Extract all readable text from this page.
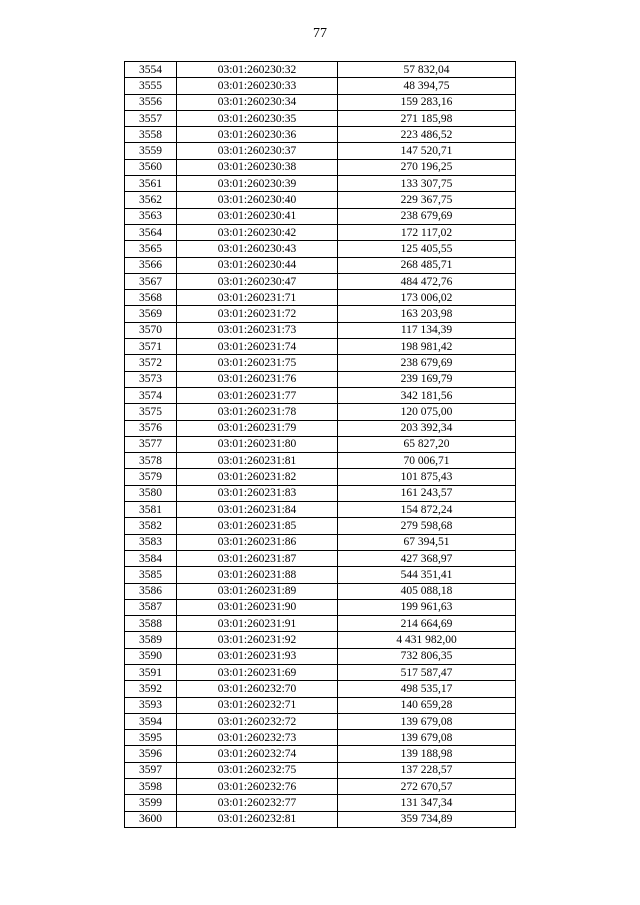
77
3554	03:01:260230:32	57 832,04
3555	03:01:260230:33	48 394,75
3556	03:01:260230:34	159 283,16
3557	03:01:260230:35	271 185,98
3558	03:01:260230:36	223 486,52
3559	03:01:260230:37	147 520,71
3560	03:01:260230:38	270 196,25
3561	03:01:260230:39	133 307,75
3562	03:01:260230:40	229 367,75
3563	03:01:260230:41	238 679,69
3564	03:01:260230:42	172 117,02
3565	03:01:260230:43	125 405,55
3566	03:01:260230:44	268 485,71
3567	03:01:260230:47	484 472,76
3568	03:01:260231:71	173 006,02
3569	03:01:260231:72	163 203,98
3570	03:01:260231:73	117 134,39
3571	03:01:260231:74	198 981,42
3572	03:01:260231:75	238 679,69
3573	03:01:260231:76	239 169,79
3574	03:01:260231:77	342 181,56
3575	03:01:260231:78	120 075,00
3576	03:01:260231:79	203 392,34
3577	03:01:260231:80	65 827,20
3578	03:01:260231:81	70 006,71
3579	03:01:260231:82	101 875,43
3580	03:01:260231:83	161 243,57
3581	03:01:260231:84	154 872,24
3582	03:01:260231:85	279 598,68
3583	03:01:260231:86	67 394,51
3584	03:01:260231:87	427 368,97
3585	03:01:260231:88	544 351,41
3586	03:01:260231:89	405 088,18
3587	03:01:260231:90	199 961,63
3588	03:01:260231:91	214 664,69
3589	03:01:260231:92	4 431 982,00
3590	03:01:260231:93	732 806,35
3591	03:01:260231:69	517 587,47
3592	03:01:260232:70	498 535,17
3593	03:01:260232:71	140 659,28
3594	03:01:260232:72	139 679,08
3595	03:01:260232:73	139 679,08
3596	03:01:260232:74	139 188,98
3597	03:01:260232:75	137 228,57
3598	03:01:260232:76	272 670,57
3599	03:01:260232:77	131 347,34
3600	03:01:260232:81	359 734,89
